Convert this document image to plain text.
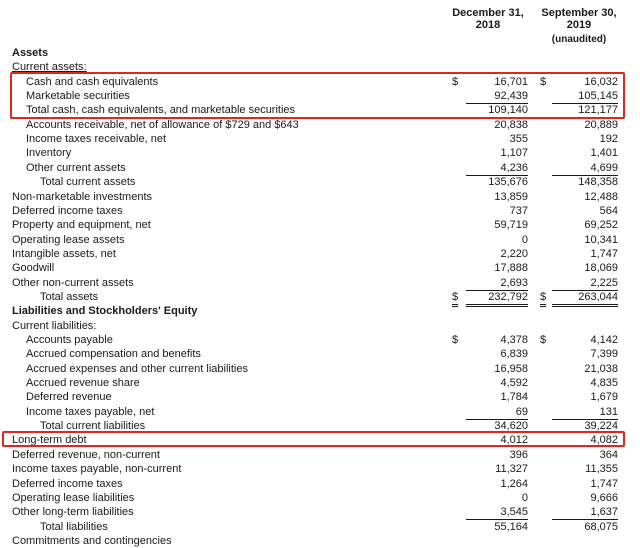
December 31,
2018
September 30,
2019
(unaudited)
Assets
Current assets:
Cash and cash equivalents	$	16,701 $	16,032
Marketable securities	92,439	105,145
Total cash, cash equivalents, and marketable securities	109,140	121,177
Accounts receivable, net of allowance of $729 and $643	20,838	20,889
Income taxes receivable, net	355	192
Inventory	1,107	1,401
Other current assets	4,236	4,699
Total current assets	135,676	148,358
Non-marketable investments	13,859	12,488
Deferred income taxes	737	564
Property and equipment, net	59,719	69,252
Operating lease assets	0	10,341
Intangible assets, net	2,220	1,747
Goodwill	17,888	18,069
Other non-current assets	2,693	2,225
Total assets	$	232,792 $	263,044
Liabilities and Stockholders' Equity
Current liabilities:
Accounts payable	$	4,378 $	4,142
Accrued compensation and benefits	6,839	7,399
Accrued expenses and other current liabilities	16,958	21,038
Accrued revenue share	4,592	4,835
Deferred revenue	1,784	1,679
Income taxes payable, net	69	131
Total current liabilities	34,620	39,224
Long-term debt	4,012	4,082
Deferred revenue, non-current	396	364
Income taxes payable, non-current	11,327	11,355
Deferred income taxes	1,264	1,747
Operating lease liabilities	0	9,666
Other long-term liabilities	3,545	1,637
Total liabilities	55,164	68,075
Commitments and contingencies
